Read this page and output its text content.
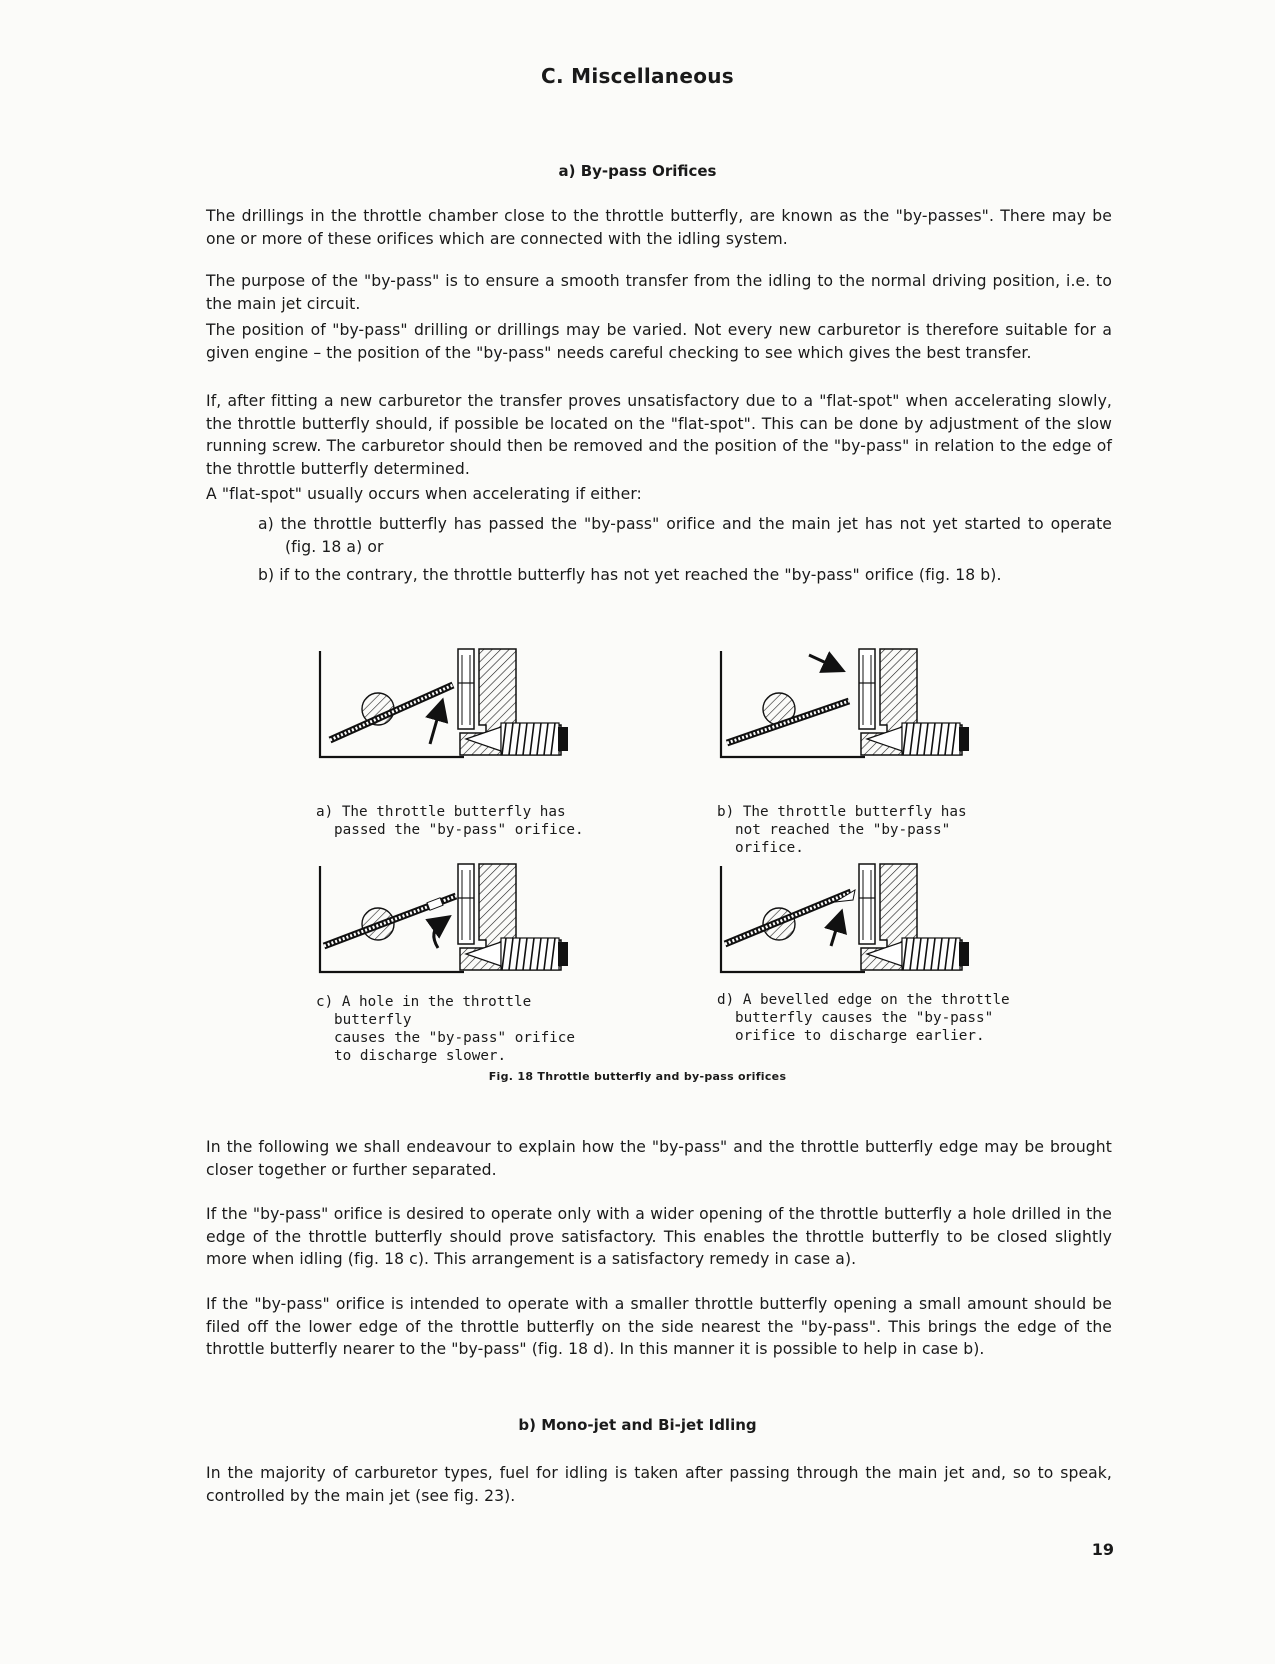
C. Miscellaneous
a) By-pass Orifices

The drillings in the throttle chamber close to the throttle butterfly, are known as the "by-passes". There may be one or more of these orifices which are connected with the idling system.

The purpose of the "by-pass" is to ensure a smooth transfer from the idling to the normal driving position, i.e. to the main jet circuit.

The position of "by-pass" drilling or drillings may be varied. Not every new carburetor is therefore suitable for a given engine – the position of the "by-pass" needs careful checking to see which gives the best transfer.

If, after fitting a new carburetor the transfer proves unsatisfactory due to a "flat-spot" when accelerating slowly, the throttle butterfly should, if possible be located on the "flat-spot". This can be done by adjustment of the slow running screw. The carburetor should then be removed and the position of the "by-pass" in relation to the edge of the throttle butterfly determined.

A "flat-spot" usually occurs when accelerating if either:

a) the throttle butterfly has passed the "by-pass" orifice and the main jet has not yet started to operate (fig. 18 a) or

b) if to the contrary, the throttle butterfly has not yet reached the "by-pass" orifice (fig. 18 b).

a) The throttle butterfly has
passed the "by-pass" orifice.
b) The throttle butterfly has
not reached the "by-pass"
orifice.
c) A hole in the throttle butterfly
causes the "by-pass" orifice
to discharge slower.
d) A bevelled edge on the throttle
butterfly causes the "by-pass"
orifice to discharge earlier.
Fig. 18 Throttle butterfly and by-pass orifices

In the following we shall endeavour to explain how the "by-pass" and the throttle butterfly edge may be brought closer together or further separated.

If the "by-pass" orifice is desired to operate only with a wider opening of the throttle butterfly a hole drilled in the edge of the throttle butterfly should prove satisfactory. This enables the throttle butterfly to be closed slightly more when idling (fig. 18 c). This arrangement is a satisfactory remedy in case a).

If the "by-pass" orifice is intended to operate with a smaller throttle butterfly opening a small amount should be filed off the lower edge of the throttle butterfly on the side nearest the "by-pass". This brings the edge of the throttle butterfly nearer to the "by-pass" (fig. 18 d). In this manner it is possible to help in case b).

b) Mono-jet and Bi-jet Idling

In the majority of carburetor types, fuel for idling is taken after passing through the main jet and, so to speak, controlled by the main jet (see fig. 23).

19
